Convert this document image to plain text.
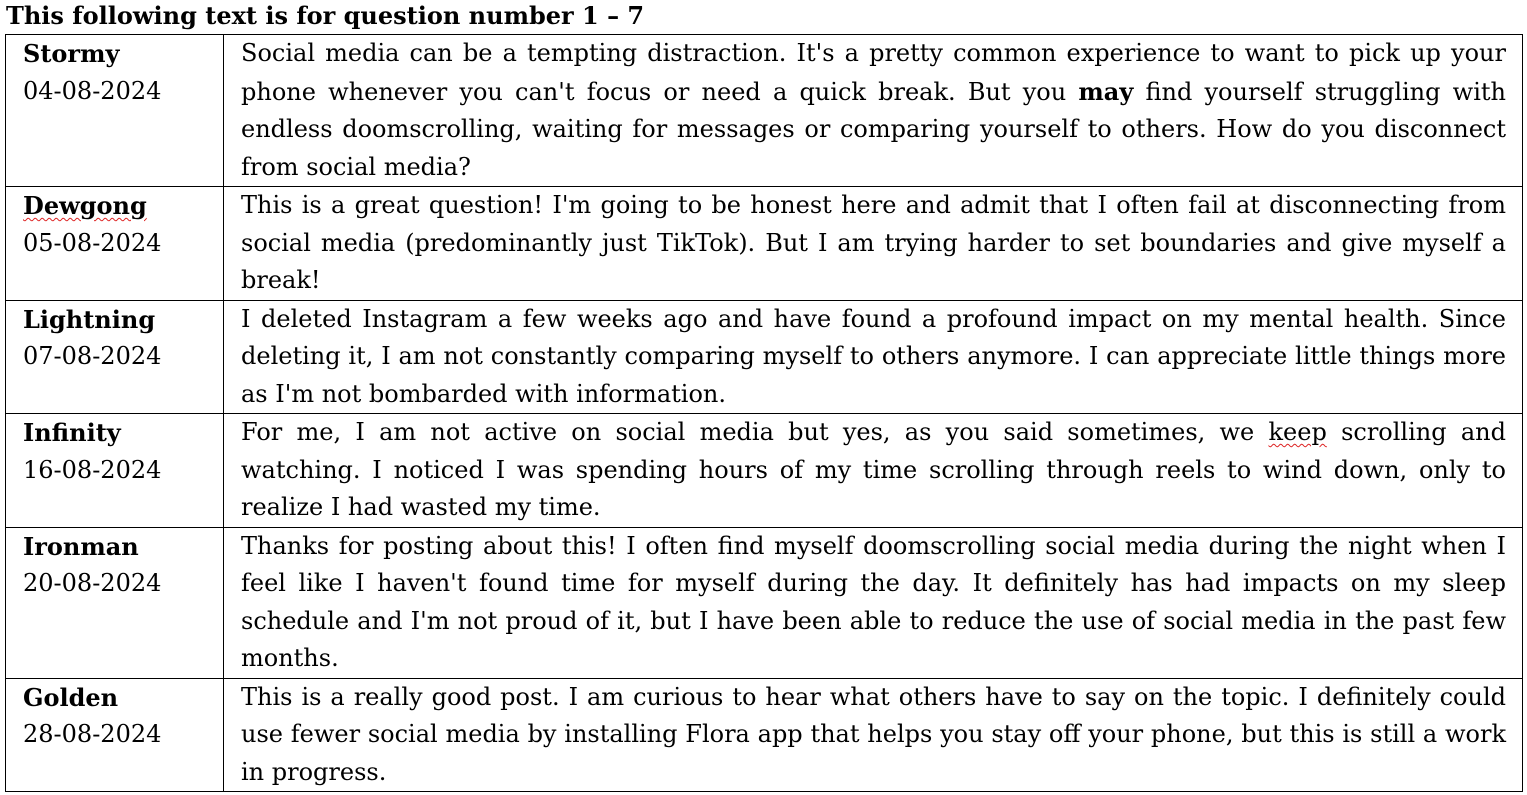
This following text is for question number 1 – 7
Stormy
04-08-2024	Social media can be a tempting distraction. It's a pretty common experience to want to pick up your phone whenever you can't focus or need a quick break. But you may find yourself struggling with endless doomscrolling, waiting for messages or comparing yourself to others. How do you disconnect from social media?

Dewgong
05-08-2024	This is a great question! I'm going to be honest here and admit that I often fail at disconnecting from social media (predominantly just TikTok). But I am trying harder to set boundaries and give myself a break!

Lightning
07-08-2024	I deleted Instagram a few weeks ago and have found a profound impact on my mental health. Since deleting it, I am not constantly comparing myself to others anymore. I can appreciate little things more as I'm not bombarded with information.

Infinity
16-08-2024	For me, I am not active on social media but yes, as you said sometimes, we keep scrolling and watching. I noticed I was spending hours of my time scrolling through reels to wind down, only to realize I had wasted my time.

Ironman
20-08-2024	Thanks for posting about this! I often find myself doomscrolling social media during the night when I feel like I haven't found time for myself during the day. It definitely has had impacts on my sleep schedule and I'm not proud of it, but I have been able to reduce the use of social media in the past few months.

Golden
28-08-2024	This is a really good post. I am curious to hear what others have to say on the topic. I definitely could use fewer social media by installing Flora app that helps you stay off your phone, but this is still a work in progress.
